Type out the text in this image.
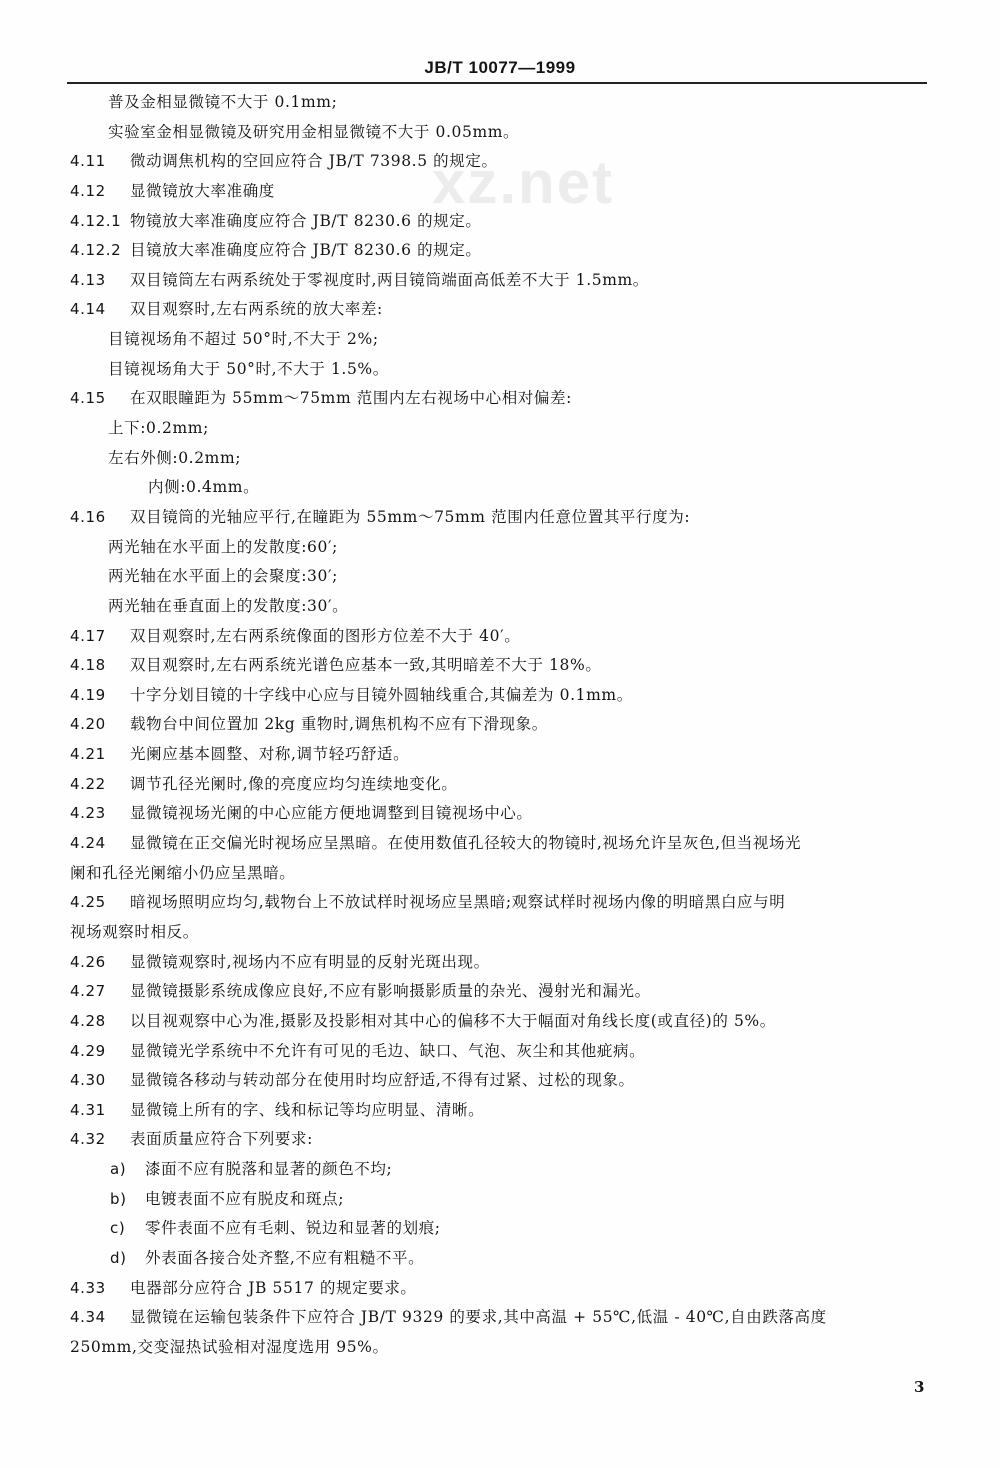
xz.net
JB/T 10077—1999
普及金相显微镜不大于 0.1mm;
实验室金相显微镜及研究用金相显微镜不大于 0.05mm。
4.11 微动调焦机构的空回应符合 JB/T 7398.5 的规定。
4.12 显微镜放大率准确度
4.12.1 物镜放大率准确度应符合 JB/T 8230.6 的规定。
4.12.2 目镜放大率准确度应符合 JB/T 8230.6 的规定。
4.13 双目镜筒左右两系统处于零视度时,两目镜筒端面高低差不大于 1.5mm。
4.14 双目观察时,左右两系统的放大率差:
目镜视场角不超过 50°时,不大于 2%;
目镜视场角大于 50°时,不大于 1.5%。
4.15 在双眼瞳距为 55mm～75mm 范围内左右视场中心相对偏差:
上下:0.2mm;
左右外侧:0.2mm;
内侧:0.4mm。
4.16 双目镜筒的光轴应平行,在瞳距为 55mm～75mm 范围内任意位置其平行度为:
两光轴在水平面上的发散度:60′;
两光轴在水平面上的会聚度:30′;
两光轴在垂直面上的发散度:30′。
4.17 双目观察时,左右两系统像面的图形方位差不大于 40′。
4.18 双目观察时,左右两系统光谱色应基本一致,其明暗差不大于 18%。
4.19 十字分划目镜的十字线中心应与目镜外圆轴线重合,其偏差为 0.1mm。
4.20 载物台中间位置加 2kg 重物时,调焦机构不应有下滑现象。
4.21 光阑应基本圆整、对称,调节轻巧舒适。
4.22 调节孔径光阑时,像的亮度应均匀连续地变化。
4.23 显微镜视场光阑的中心应能方便地调整到目镜视场中心。
4.24 显微镜在正交偏光时视场应呈黑暗。在使用数值孔径较大的物镜时,视场允许呈灰色,但当视场光
阑和孔径光阑缩小仍应呈黑暗。
4.25 暗视场照明应均匀,载物台上不放试样时视场应呈黑暗;观察试样时视场内像的明暗黑白应与明
视场观察时相反。
4.26 显微镜观察时,视场内不应有明显的反射光斑出现。
4.27 显微镜摄影系统成像应良好,不应有影响摄影质量的杂光、漫射光和漏光。
4.28 以目视观察中心为准,摄影及投影相对其中心的偏移不大于幅面对角线长度(或直径)的 5%。
4.29 显微镜光学系统中不允许有可见的毛边、缺口、气泡、灰尘和其他疵病。
4.30 显微镜各移动与转动部分在使用时均应舒适,不得有过紧、过松的现象。
4.31 显微镜上所有的字、线和标记等均应明显、清晰。
4.32 表面质量应符合下列要求:
a) 漆面不应有脱落和显著的颜色不均;
b) 电镀表面不应有脱皮和斑点;
c) 零件表面不应有毛刺、锐边和显著的划痕;
d) 外表面各接合处齐整,不应有粗糙不平。
4.33 电器部分应符合 JB 5517 的规定要求。
4.34 显微镜在运输包装条件下应符合 JB/T 9329 的要求,其中高温 + 55℃,低温 - 40℃,自由跌落高度
250mm,交变湿热试验相对湿度选用 95%。
3
